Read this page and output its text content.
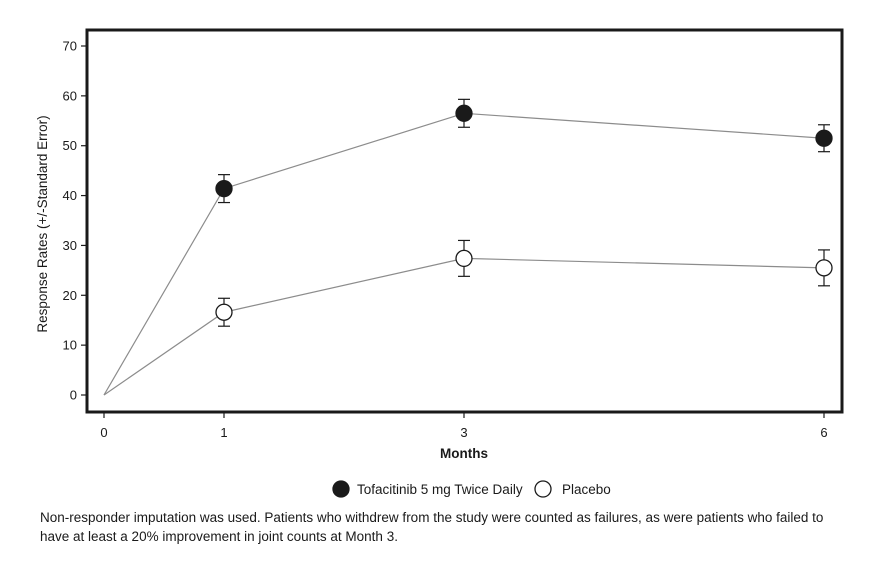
0
10
20
30
40
50
60
70
0	1	3	6
Response Rates (+/-Standard Error)
Months
Tofacitinib 5 mg Twice Daily	Placebo

Non-responder imputation was used. Patients who withdrew from the study were counted as failures, as were patients who failed to have at least a 20% improvement in joint counts at Month 3.
